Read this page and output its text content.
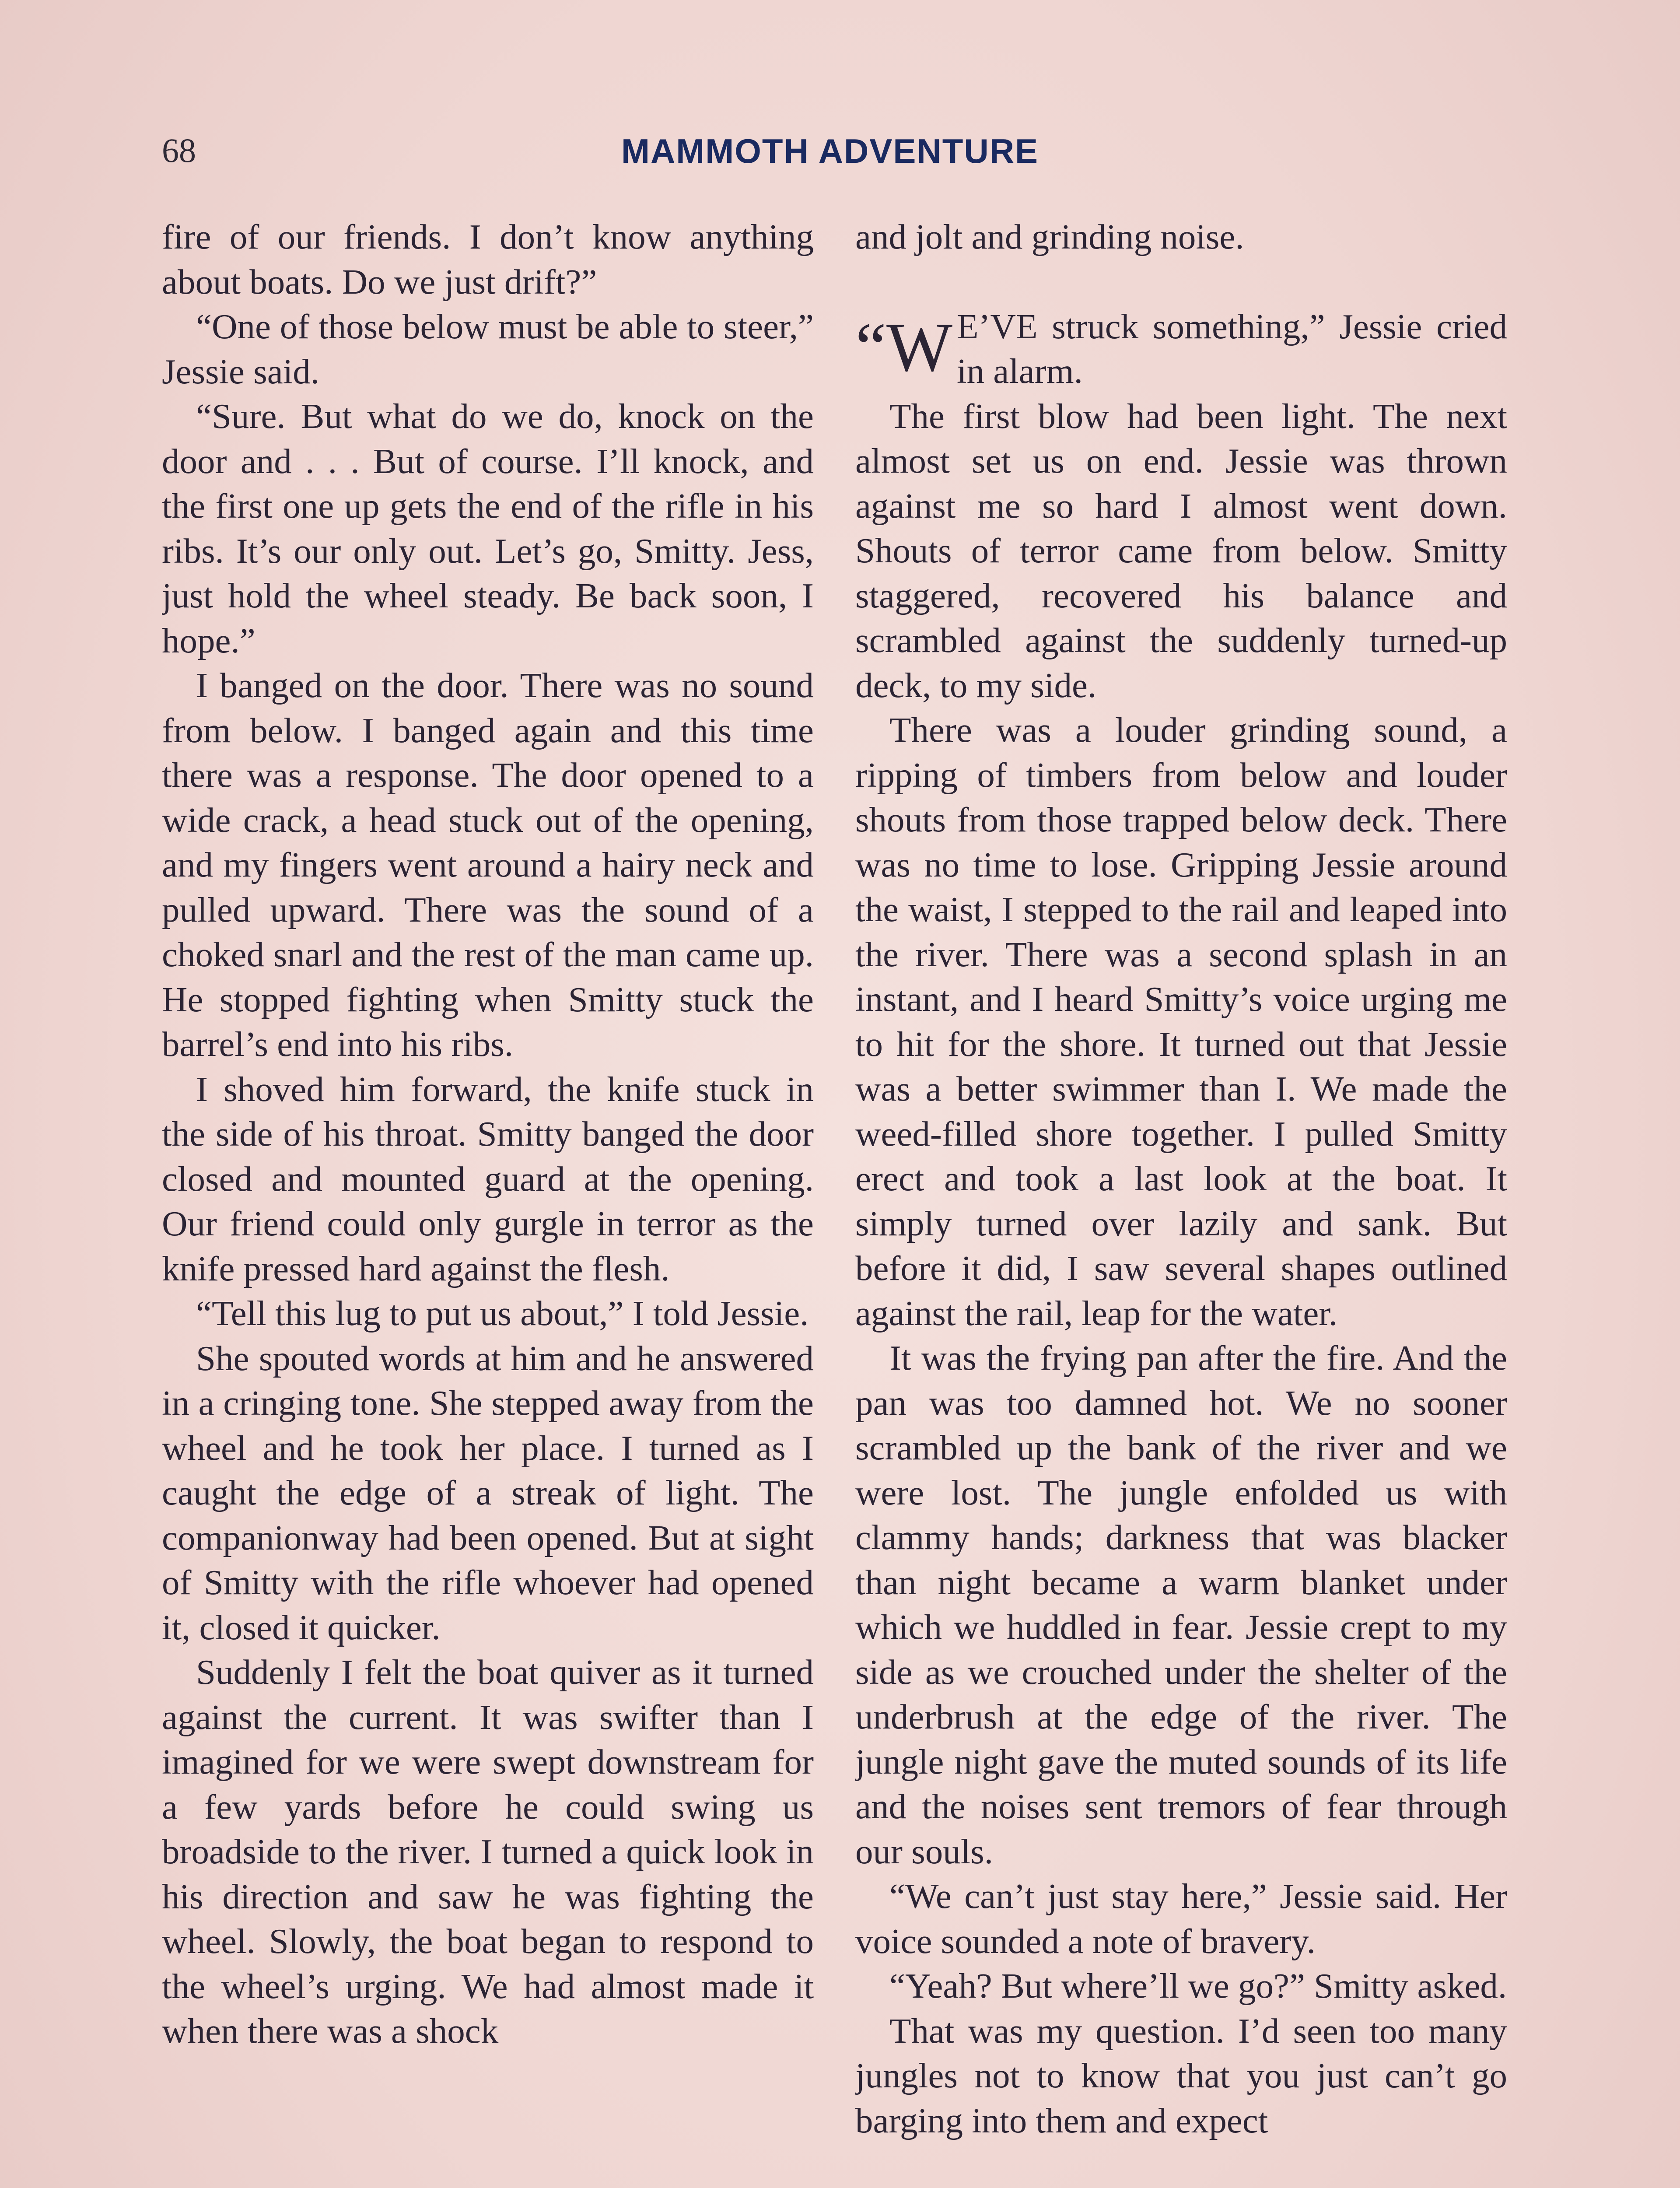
68	MAMMOTH ADVENTURE

fire of our friends. I don’t know anything about boats. Do we just drift?”

“One of those below must be able to steer,” Jessie said.

“Sure. But what do we do, knock on the door and . . . But of course. I’ll knock, and the first one up gets the end of the rifle in his ribs. It’s our only out. Let’s go, Smitty. Jess, just hold the wheel steady. Be back soon, I hope.”

I banged on the door. There was no sound from below. I banged again and this time there was a response. The door opened to a wide crack, a head stuck out of the opening, and my fingers went around a hairy neck and pulled upward. There was the sound of a choked snarl and the rest of the man came up. He stopped fighting when Smitty stuck the barrel’s end into his ribs.

I shoved him forward, the knife stuck in the side of his throat. Smitty banged the door closed and mounted guard at the opening. Our friend could only gurgle in terror as the knife pressed hard against the flesh.

“Tell this lug to put us about,” I told Jessie.

She spouted words at him and he answered in a cringing tone. She stepped away from the wheel and he took her place. I turned as I caught the edge of a streak of light. The companionway had been opened. But at sight of Smitty with the rifle whoever had opened it, closed it quicker.

Suddenly I felt the boat quiver as it turned against the current. It was swifter than I imagined for we were swept downstream for a few yards before he could swing us broadside to the river. I turned a quick look in his direction and saw he was fighting the wheel. Slowly, the boat began to respond to the wheel’s urging. We had almost made it when there was a shock

and jolt and grinding noise.

“WE’VE struck something,” Jessie cried in alarm.

The first blow had been light. The next almost set us on end. Jessie was thrown against me so hard I almost went down. Shouts of terror came from below. Smitty staggered, recovered his balance and scrambled against the suddenly turned-up deck, to my side.

There was a louder grinding sound, a ripping of timbers from below and louder shouts from those trapped below deck. There was no time to lose. Gripping Jessie around the waist, I stepped to the rail and leaped into the river. There was a second splash in an instant, and I heard Smitty’s voice urging me to hit for the shore. It turned out that Jessie was a better swimmer than I. We made the weed-filled shore together. I pulled Smitty erect and took a last look at the boat. It simply turned over lazily and sank. But before it did, I saw several shapes outlined against the rail, leap for the water.

It was the frying pan after the fire. And the pan was too damned hot. We no sooner scrambled up the bank of the river and we were lost. The jungle enfolded us with clammy hands; darkness that was blacker than night became a warm blanket under which we huddled in fear. Jessie crept to my side as we crouched under the shelter of the underbrush at the edge of the river. The jungle night gave the muted sounds of its life and the noises sent tremors of fear through our souls.

“We can’t just stay here,” Jessie said. Her voice sounded a note of bravery.

“Yeah? But where’ll we go?” Smitty asked.

That was my question. I’d seen too many jungles not to know that you just can’t go barging into them and expect
